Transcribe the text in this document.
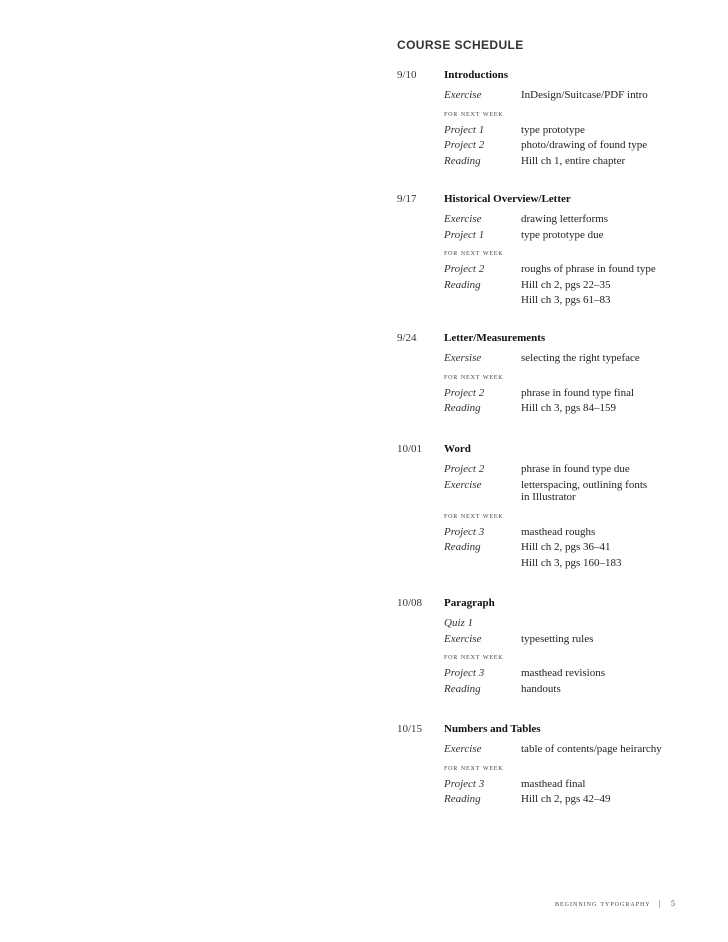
COURSE SCHEDULE
9/10 Introductions
Exercise	InDesign/Suitcase/PDF intro
for next week
Project 1	type prototype
Project 2	photo/drawing of found type
Reading	Hill ch 1, entire chapter
9/17 Historical Overview/Letter
Exercise	drawing letterforms
Project 1	type prototype due
for next week
Project 2	roughs of phrase in found type
Reading	Hill ch 2, pgs 22–35
Hill ch 3, pgs 61–83
9/24 Letter/Measurements
Exersise	selecting the right typeface
for next week
Project 2	phrase in found type final
Reading	Hill ch 3, pgs 84–159
10/01 Word
Project 2	phrase in found type due
Exercise	letterspacing, outlining fonts
in Illustrator
for next week
Project 3	masthead roughs
Reading	Hill ch 2, pgs 36–41
Hill ch 3, pgs 160–183
10/08 Paragraph
Quiz 1
Exercise	typesetting rules
for next week
Project 3	masthead revisions
Reading	handouts
10/15 Numbers and Tables
Exercise	table of contents/page heirarchy
for next week
Project 3	masthead final
Reading	Hill ch 2, pgs 42–49
beginning typography | 5
